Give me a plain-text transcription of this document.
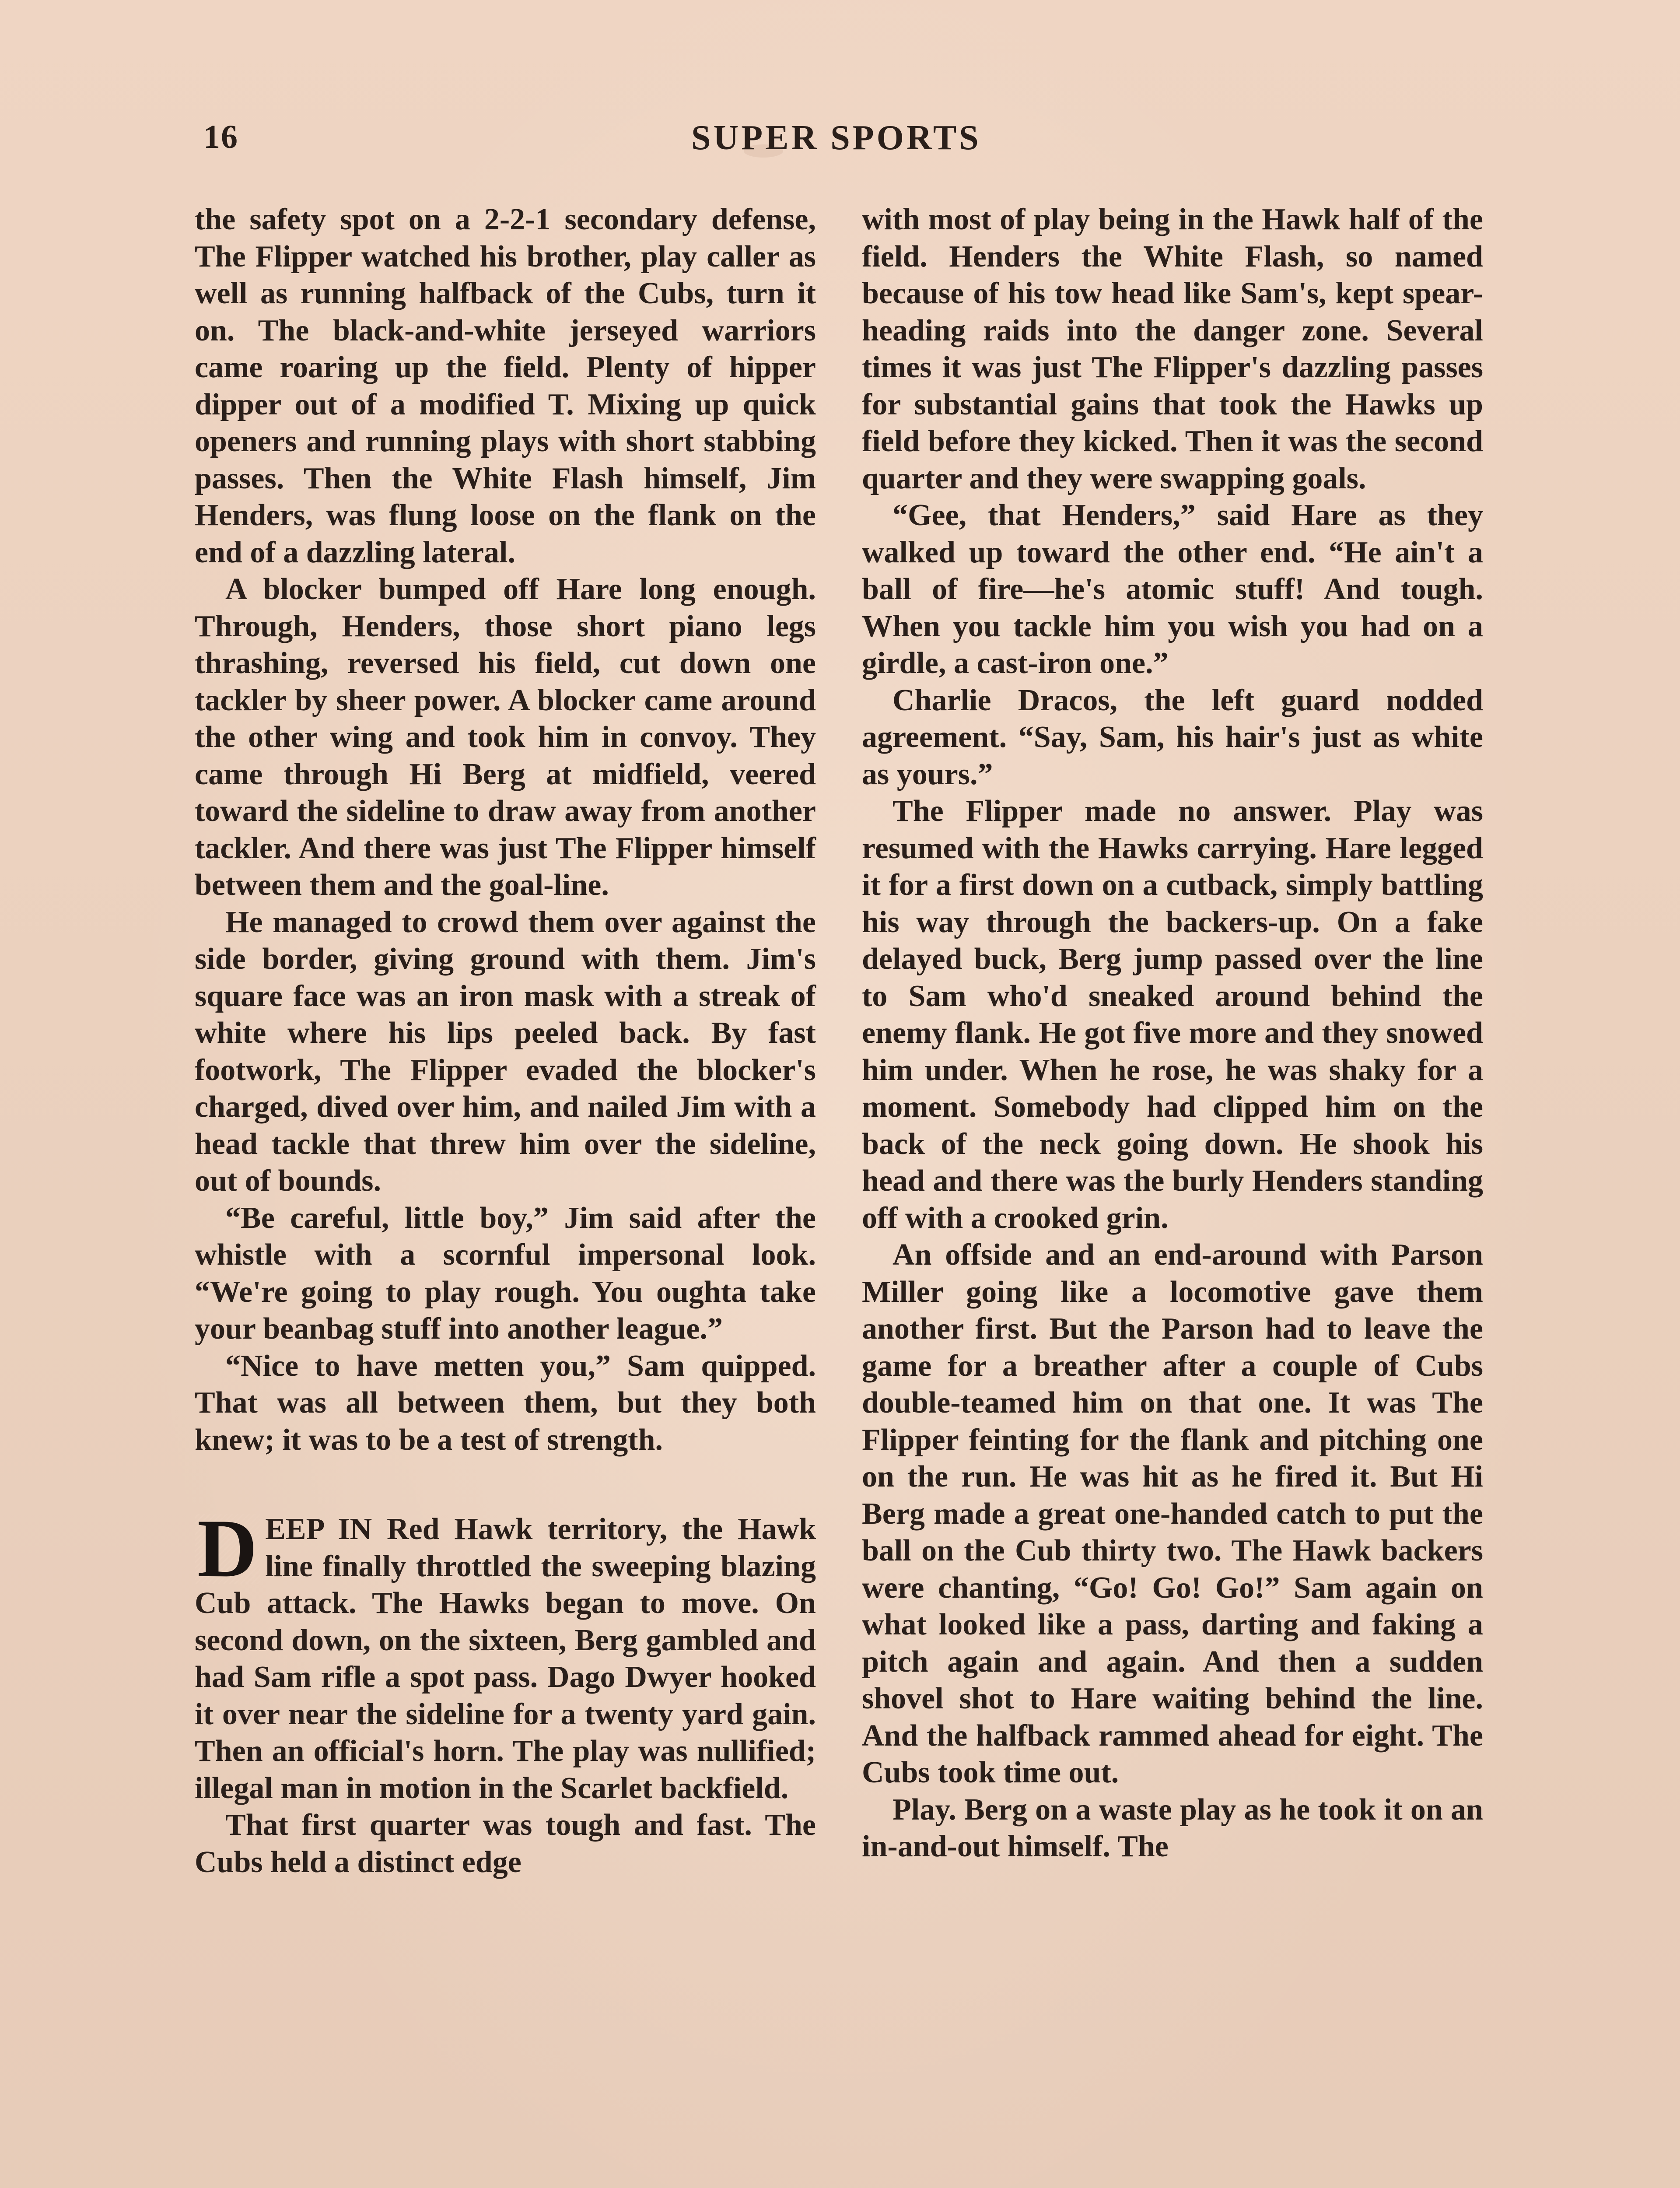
16	SUPER SPORTS

the safety spot on a 2-2-1 secondary defense, The Flipper watched his brother, play caller as well as running halfback of the Cubs, turn it on. The black-and-white jerseyed warriors came roaring up the field. Plenty of hipper dipper out of a modified T. Mixing up quick openers and running plays with short stabbing passes. Then the White Flash himself, Jim Henders, was flung loose on the flank on the end of a dazzling lateral.

A blocker bumped off Hare long enough. Through, Henders, those short piano legs thrashing, reversed his field, cut down one tackler by sheer power. A blocker came around the other wing and took him in convoy. They came through Hi Berg at midfield, veered toward the sideline to draw away from another tackler. And there was just The Flipper himself between them and the goal-line.

He managed to crowd them over against the side border, giving ground with them. Jim's square face was an iron mask with a streak of white where his lips peeled back. By fast footwork, The Flipper evaded the blocker's charged, dived over him, and nailed Jim with a head tackle that threw him over the sideline, out of bounds.

“Be careful, little boy,” Jim said after the whistle with a scornful impersonal look. “We're going to play rough. You oughta take your beanbag stuff into another league.”

“Nice to have metten you,” Sam quipped. That was all between them, but they both knew; it was to be a test of strength.

D EEP IN Red Hawk territory, the Hawk line finally throttled the sweeping blazing Cub attack. The Hawks began to move. On second down, on the sixteen, Berg gambled and had Sam rifle a spot pass. Dago Dwyer hooked it over near the sideline for a twenty yard gain. Then an official's horn. The play was nullified; illegal man in motion in the Scarlet backfield.

That first quarter was tough and fast. The Cubs held a distinct edge

with most of play being in the Hawk half of the field. Henders the White Flash, so named because of his tow head like Sam's, kept spear-heading raids into the danger zone. Several times it was just The Flipper's dazzling passes for substantial gains that took the Hawks up field before they kicked. Then it was the second quarter and they were swapping goals.

“Gee, that Henders,” said Hare as they walked up toward the other end. “He ain't a ball of fire—he's atomic stuff! And tough. When you tackle him you wish you had on a girdle, a cast-iron one.”

Charlie Dracos, the left guard nodded agreement. “Say, Sam, his hair's just as white as yours.”

The Flipper made no answer. Play was resumed with the Hawks carrying. Hare legged it for a first down on a cutback, simply battling his way through the backers-up. On a fake delayed buck, Berg jump passed over the line to Sam who'd sneaked around behind the enemy flank. He got five more and they snowed him under. When he rose, he was shaky for a moment. Somebody had clipped him on the back of the neck going down. He shook his head and there was the burly Henders standing off with a crooked grin.

An offside and an end-around with Parson Miller going like a locomotive gave them another first. But the Parson had to leave the game for a breather after a couple of Cubs double-teamed him on that one. It was The Flipper feinting for the flank and pitching one on the run. He was hit as he fired it. But Hi Berg made a great one-handed catch to put the ball on the Cub thirty two. The Hawk backers were chanting, “Go! Go! Go!” Sam again on what looked like a pass, darting and faking a pitch again and again. And then a sudden shovel shot to Hare waiting behind the line. And the halfback rammed ahead for eight. The Cubs took time out.

Play. Berg on a waste play as he took it on an in-and-out himself. The
